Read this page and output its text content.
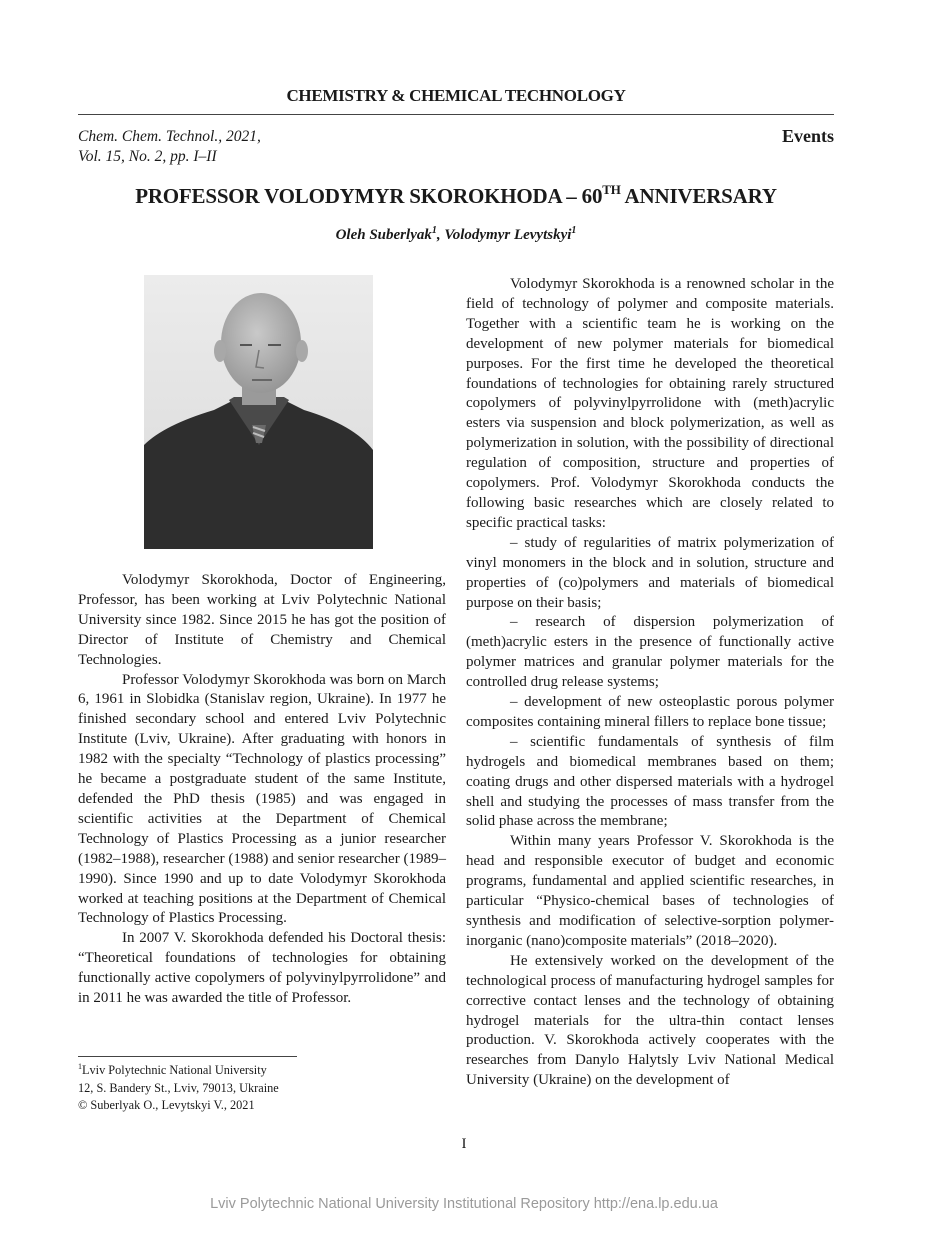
CHEMISTRY & CHEMICAL TECHNOLOGY
Chem. Chem. Technol., 2021,
Vol. 15, No. 2, pp. I–II
Events
PROFESSOR VOLODYMYR SKOROKHODA – 60TH ANNIVERSARY
Oleh Suberlyak$^1$, Volodymyr Levytskyi$^1$

Volodymyr Skorokhoda, Doctor of Engineering, Professor, has been working at Lviv Polytechnic National University since 1982. Since 2015 he has got the position of Director of Institute of Chemistry and Chemical Technologies.

Professor Volodymyr Skorokhoda was born on March 6, 1961 in Slobidka (Stanislav region, Ukraine). In 1977 he finished secondary school and entered Lviv Polytechnic Institute (Lviv, Ukraine). After graduating with honors in 1982 with the specialty “Technology of plastics processing” he became a postgraduate student of the same Institute, defended the PhD thesis (1985) and was engaged in scientific activities at the Department of Chemical Technology of Plastics Processing as a junior researcher (1982–1988), researcher (1988) and senior researcher (1989–1990). Since 1990 and up to date Volodymyr Skorokhoda worked at teaching positions at the Department of Chemical Technology of Plastics Processing.

In 2007 V. Skorokhoda defended his Doctoral thesis: “Theoretical foundations of technologies for obtaining functionally active copolymers of polyvinylpyrrolidone” and in 2011 he was awarded the title of Professor.

$^1$Lviv Polytechnic National University
12, S. Bandery St., Lviv, 79013, Ukraine
© Suberlyak O., Levytskyi V., 2021

Volodymyr Skorokhoda is a renowned scholar in the field of technology of polymer and composite materials. Together with a scientific team he is working on the development of new polymer materials for biomedical purposes. For the first time he developed the theoretical foundations of technologies for obtaining rarely structured copolymers of polyvinylpyrrolidone with (meth)acrylic esters via suspension and block polymerization, as well as polymerization in solution, with the possibility of directional regulation of composition, structure and properties of copolymers. Prof. Volodymyr Skorokhoda conducts the following basic researches which are closely related to specific practical tasks:

– study of regularities of matrix polymerization of vinyl monomers in the block and in solution, structure and properties of (co)polymers and materials of biomedical purpose on their basis;

– research of dispersion polymerization of (meth)acrylic esters in the presence of functionally active polymer matrices and granular polymer materials for the controlled drug release systems;

– development of new osteoplastic porous polymer composites containing mineral fillers to replace bone tissue;

– scientific fundamentals of synthesis of film hydrogels and biomedical membranes based on them; coating drugs and other dispersed materials with a hydrogel shell and studying the processes of mass transfer from the solid phase across the membrane;

Within many years Professor V. Skorokhoda is the head and responsible executor of budget and economic programs, fundamental and applied scientific researches, in particular “Physico-chemical bases of technologies of synthesis and modification of selective-sorption polymer-inorganic (nano)composite materials” (2018–2020).

He extensively worked on the development of the technological process of manufacturing hydrogel samples for corrective contact lenses and the technology of obtaining hydrogel materials for the ultra-thin contact lenses production. V. Skorokhoda actively cooperates with the researches from Danylo Halytsly Lviv National Medical University (Ukraine) on the development of

I
Lviv Polytechnic National University Institutional Repository http://ena.lp.edu.ua
